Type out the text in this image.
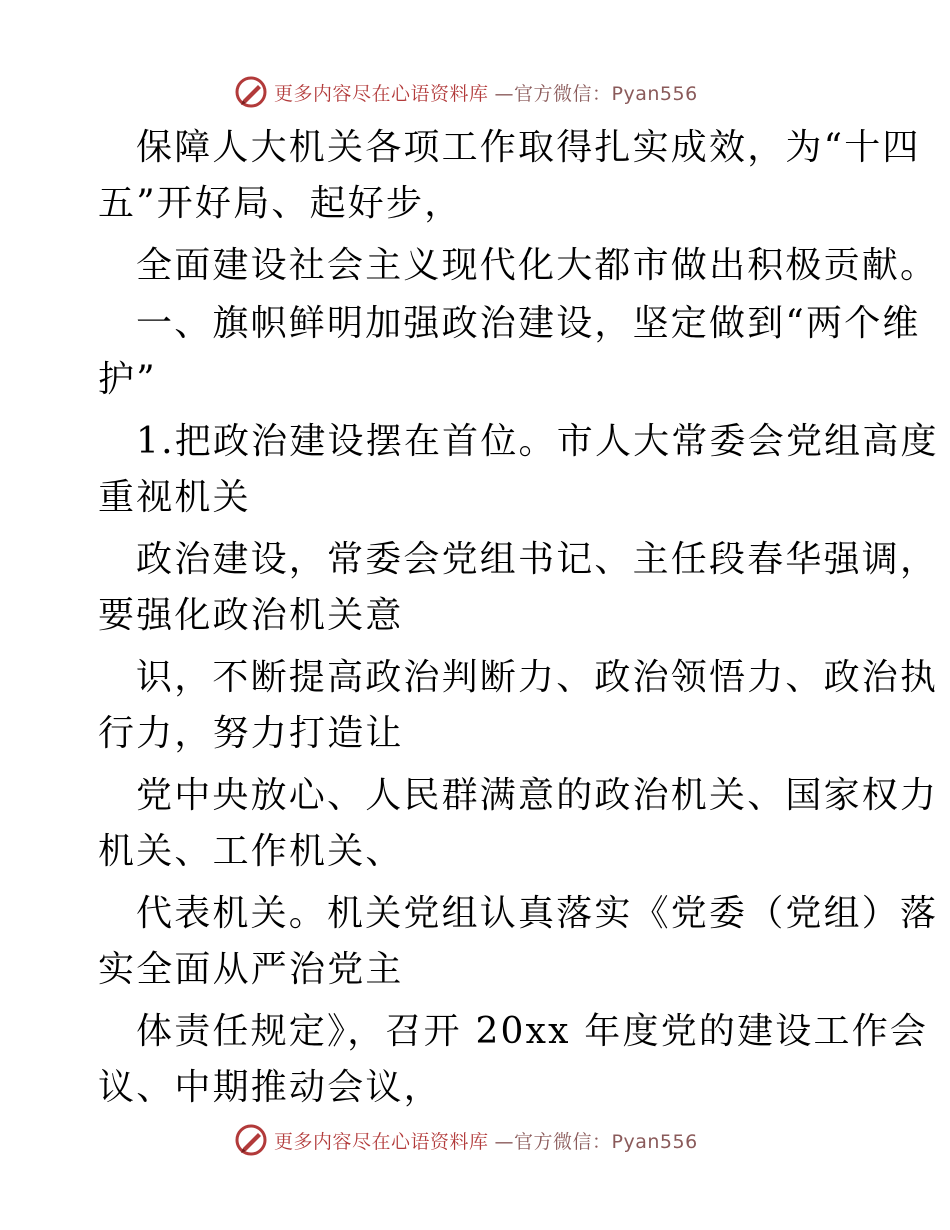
更多内容尽在心语资料库 —官方微信：Pyan556
保障人大机关各项工作取得扎实成效，为“十四
五”开好局、起好步，
全面建设社会主义现代化大都市做出积极贡献。
一、旗帜鲜明加强政治建设，坚定做到“两个维
护”
1.把政治建设摆在首位。市人大常委会党组高度
重视机关
政治建设，常委会党组书记、主任段春华强调，
要强化政治机关意
识，不断提高政治判断力、政治领悟力、政治执
行力，努力打造让
党中央放心、人民群满意的政治机关、国家权力
机关、工作机关、
代表机关。机关党组认真落实《党委（党组）落
实全面从严治党主
体责任规定》，召开 20xx 年度党的建设工作会
议、中期推动会议，
更多内容尽在心语资料库 —官方微信：Pyan556
